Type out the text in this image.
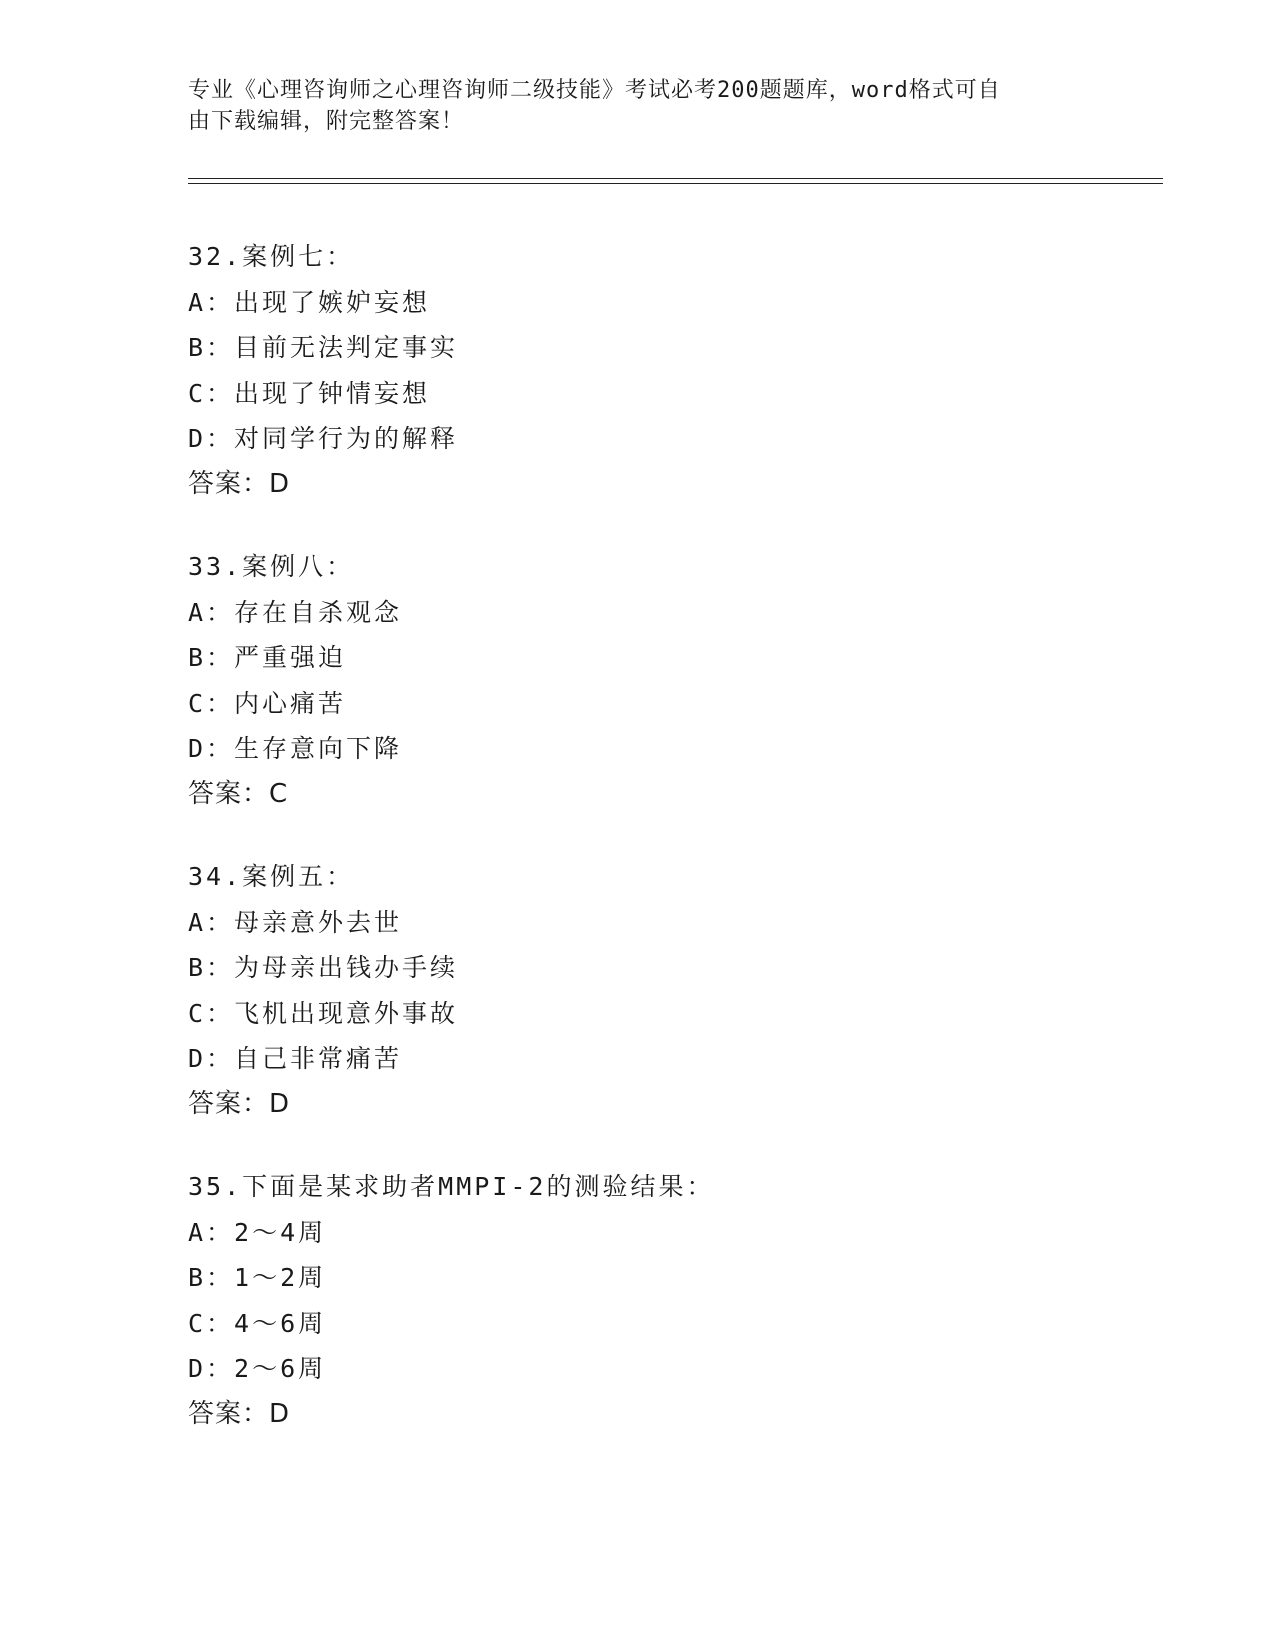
专业《心理咨询师之心理咨询师二级技能》考试必考200题题库，word格式可自
由下载编辑，附完整答案！
32.案例七：
A：出现了嫉妒妄想
B：目前无法判定事实
C：出现了钟情妄想
D：对同学行为的解释
答案：D
33.案例八：
A：存在自杀观念
B：严重强迫
C：内心痛苦
D：生存意向下降
答案：C
34.案例五：
A：母亲意外去世
B：为母亲出钱办手续
C：飞机出现意外事故
D：自己非常痛苦
答案：D
35.下面是某求助者MMPI-2的测验结果：
A：2～4周
B：1～2周
C：4～6周
D：2～6周
答案：D
